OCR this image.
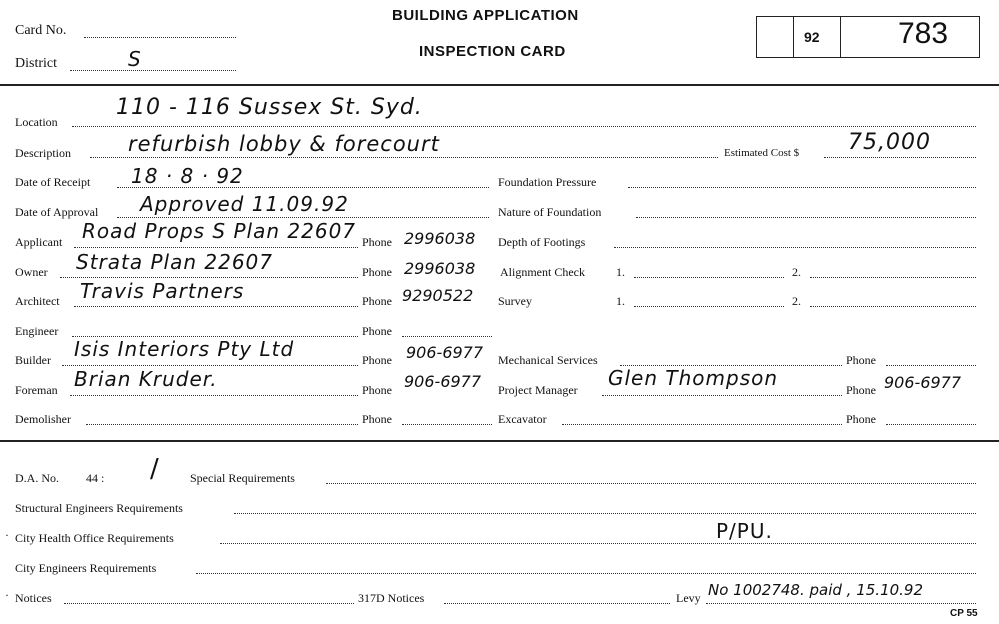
Card No.
District	S
BUILDING APPLICATION
INSPECTION CARD
92	783
Location
110 - 116 Sussex St. Syd.
Description	refurbish lobby & forecourt	Estimated Cost $ 75,000
Date of Receipt 18 · 8 · 92	Foundation Pressure
Date of Approval Approved 11.09.92	Nature of Foundation
Applicant Road Props S Plan 22607 Phone 2996038 Depth of Footings
Owner Strata Plan 22607	Phone 2996038 Alignment Check	1.	2.
Architect Travis Partners	Phone 9290522 Survey	1.	2.
Engineer	Phone
Builder Isis Interiors Pty Ltd	Phone 906-6977 Mechanical Services	Phone
Foreman Brian Kruder.	Phone 906-6977 Project Manager Glen Thompson	Phone 906-6977
Demolisher	Phone	Excavator	Phone
D.A. No. 44 : /	Special Requirements
Structural Engineers Requirements
· City Health Office Requirements	P/PU.
City Engineers Requirements
· Notices	317D Notices	Levy No 1002748. paid , 15.10.92
CP 55
